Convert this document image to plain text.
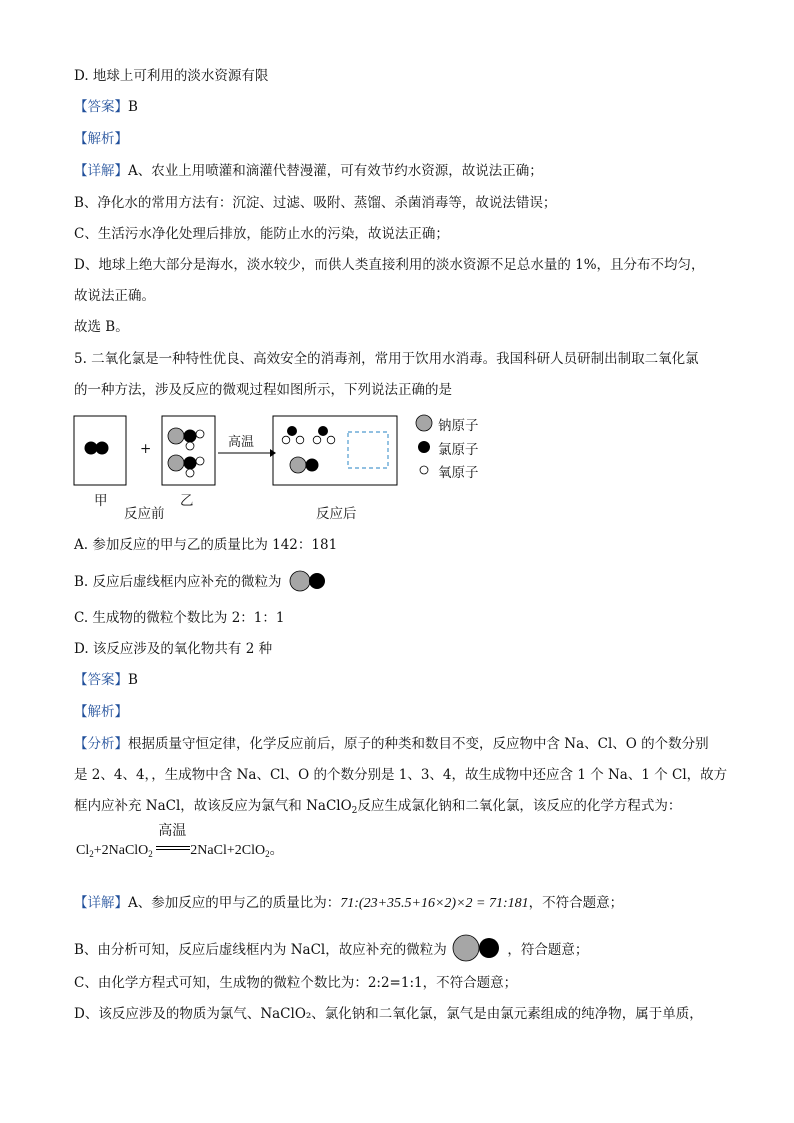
D. 地球上可利用的淡水资源有限
【答案】B
【解析】
【详解】A、农业上用喷灌和滴灌代替漫灌，可有效节约水资源，故说法正确；
B、净化水的常用方法有：沉淀、过滤、吸附、蒸馏、杀菌消毒等，故说法错误；
C、生活污水净化处理后排放，能防止水的污染，故说法正确；
D、地球上绝大部分是海水，淡水较少，而供人类直接利用的淡水资源不足总水量的 1%，且分布不均匀，
故说法正确。
故选 B。
5. 二氧化氯是一种特性优良、高效安全的消毒剂，常用于饮用水消毒。我国科研人员研制出制取二氧化氯
的一种方法，涉及反应的微观过程如图所示，下列说法正确的是
+	高温
钠原子
氯原子
氧原子
甲	乙
反应前	反应后
A. 参加反应的甲与乙的质量比为 142：181
B. 反应后虚线框内应补充的微粒为
C. 生成物的微粒个数比为 2：1：1
D. 该反应涉及的氧化物共有 2 种
【答案】B
【解析】
【分析】根据质量守恒定律，化学反应前后，原子的种类和数目不变，反应物中含 Na、Cl、O 的个数分别
是 2、4、4，，生成物中含 Na、Cl、O 的个数分别是 1、3、4，故生成物中还应含 1 个 Na、1 个 Cl，故方
框内应补充 NaCl，故该反应为氯气和 NaClO$_2$反应生成氯化钠和二氧化氯，该反应的化学方程式为：
$Cl_2+2NaClO_2$
高温
2NaCl+2ClO$_2$。
【详解】A、参加反应的甲与乙的质量比为：71:(23+35.5+16×2)×2 = 71:181，不符合题意；
B、由分析可知，反应后虚线框内为 NaCl，故应补充的微粒为	，符合题意；
C、由化学方程式可知，生成物的微粒个数比为：2:2=1:1，不符合题意；
D、该反应涉及的物质为氯气、NaClO₂、氯化钠和二氧化氯，氯气是由氯元素组成的纯净物，属于单质，
